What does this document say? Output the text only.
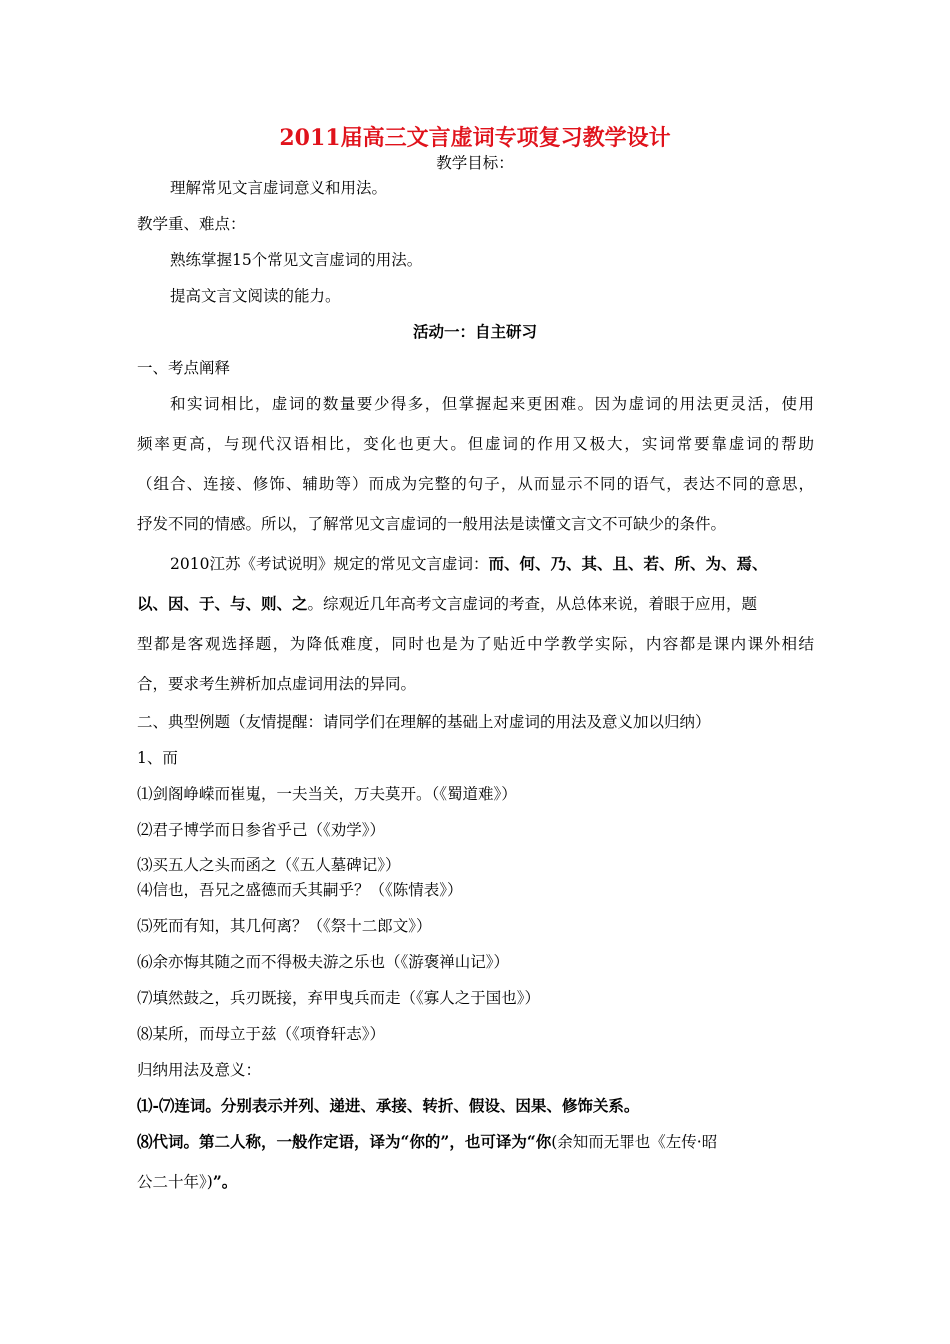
2011届高三文言虚词专项复习教学设计
教学目标：
理解常见文言虚词意义和用法。
教学重、难点：
熟练掌握15个常见文言虚词的用法。
提高文言文阅读的能力。
活动一：自主研习
一、考点阐释
和实词相比，虚词的数量要少得多，但掌握起来更困难。因为虚词的用法更灵活，使用
频率更高，与现代汉语相比，变化也更大。但虚词的作用又极大，实词常要靠虚词的帮助
（组合、连接、修饰、辅助等）而成为完整的句子，从而显示不同的语气，表达不同的意思，
抒发不同的情感。所以，了解常见文言虚词的一般用法是读懂文言文不可缺少的条件。
2010江苏《考试说明》规定的常见文言虚词：而、何、乃、其、且、若、所、为、焉、
以、因、于、与、则、之。综观近几年高考文言虚词的考查，从总体来说，着眼于应用，题
型都是客观选择题，为降低难度，同时也是为了贴近中学教学实际，内容都是课内课外相结
合，要求考生辨析加点虚词用法的异同。
二、典型例题（友情提醒：请同学们在理解的基础上对虚词的用法及意义加以归纳）
1、而
⑴剑阁峥嵘而崔嵬，一夫当关，万夫莫开。（《蜀道难》）
⑵君子博学而日参省乎己（《劝学》）
⑶买五人之头而函之（《五人墓碑记》）
⑷信也，吾兄之盛德而夭其嗣乎？（《陈情表》）
⑸死而有知，其几何离？（《祭十二郎文》）
⑹余亦悔其随之而不得极夫游之乐也（《游褒禅山记》）
⑺填然鼓之，兵刃既接，弃甲曳兵而走（《寡人之于国也》）
⑻某所，而母立于兹（《项脊轩志》）
归纳用法及意义：
⑴-⑺连词。分别表示并列、递进、承接、转折、假设、因果、修饰关系。
⑻代词。第二人称，一般作定语，译为“你的”，也可译为“你(余知而无罪也《左传·昭
公二十年》)”。
